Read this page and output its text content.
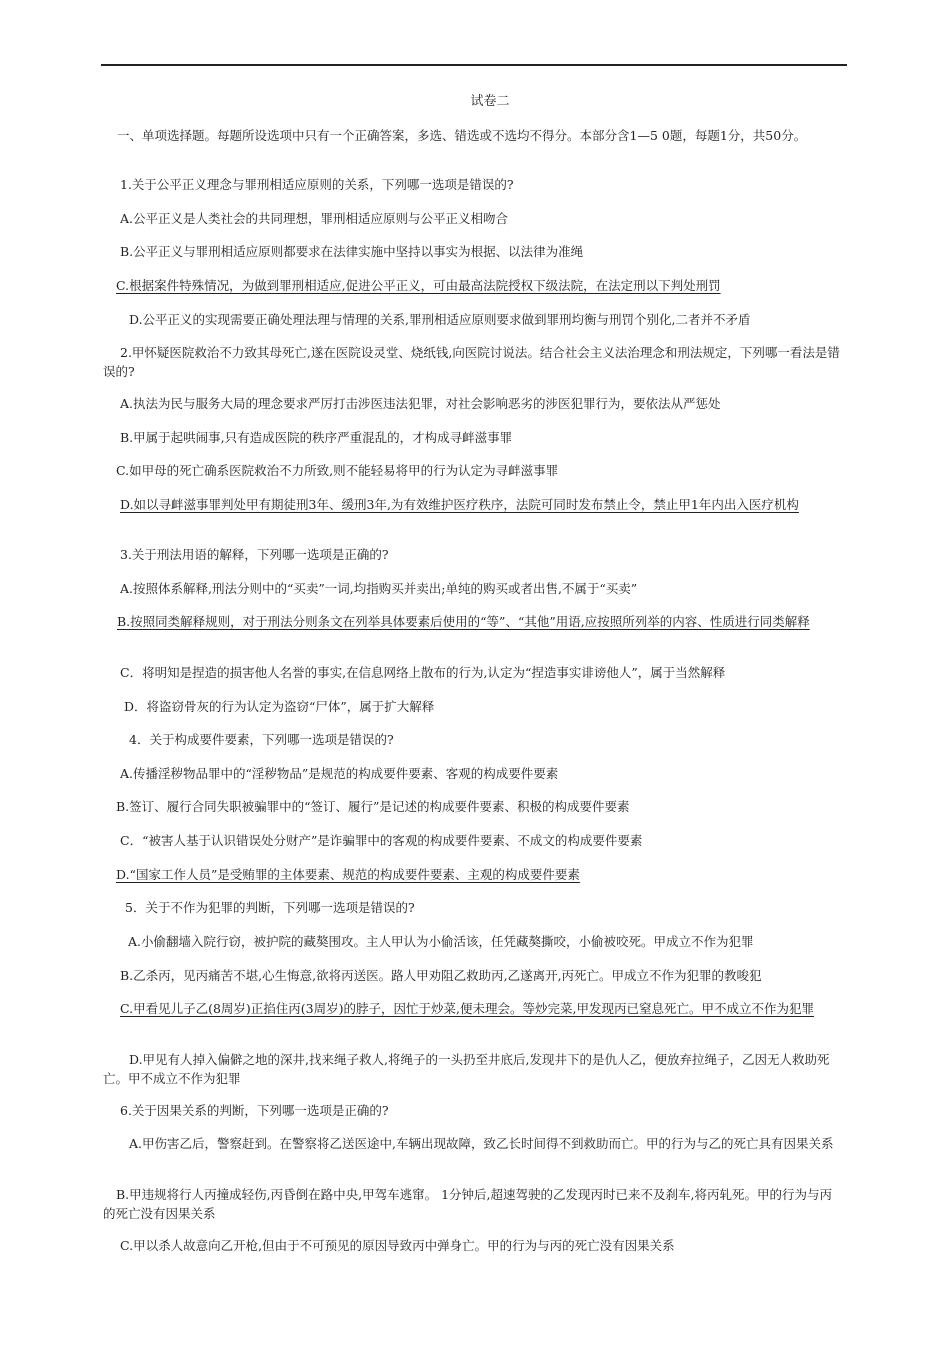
试卷二
一、单项选择题。每题所设选项中只有一个正确答案，多选、错选或不选均不得分。本部分含1—5 0题，每题1分，共50分。
1.关于公平正义理念与罪刑相适应原则的关系，下列哪一选项是错误的?
A.公平正义是人类社会的共同理想，罪刑相适应原则与公平正义相吻合
B.公平正义与罪刑相适应原则都要求在法律实施中坚持以事实为根据、以法律为准绳
C.根据案件特殊情况，为做到罪刑相适应,促进公平正义，可由最高法院授权下级法院，在法定刑以下判处刑罚
D.公平正义的实现需要正确处理法理与情理的关系,罪刑相适应原则要求做到罪刑均衡与刑罚个别化,二者并不矛盾
2.甲怀疑医院救治不力致其母死亡,遂在医院设灵堂、烧纸钱,向医院讨说法。结合社会主义法治理念和刑法规定，下列哪一看法是错误的?
A.执法为民与服务大局的理念要求严厉打击涉医违法犯罪，对社会影响恶劣的涉医犯罪行为，要依法从严惩处
B.甲属于起哄闹事,只有造成医院的秩序严重混乱的，才构成寻衅滋事罪
C.如甲母的死亡确系医院救治不力所致,则不能轻易将甲的行为认定为寻衅滋事罪
D.如以寻衅滋事罪判处甲有期徒刑3年、缓刑3年,为有效维护医疗秩序，法院可同时发布禁止令，禁止甲1年内出入医疗机构
3.关于刑法用语的解释，下列哪一选项是正确的?
A.按照体系解释,刑法分则中的“买卖”一词,均指购买并卖出;单纯的购买或者出售,不属于“买卖”
B.按照同类解释规则，对于刑法分则条文在列举具体要素后使用的“等”、“其他”用语,应按照所列举的内容、性质进行同类解释
C．将明知是捏造的损害他人名誉的事实,在信息网络上散布的行为,认定为“捏造事实诽谤他人”，属于当然解释
D．将盗窃骨灰的行为认定为盗窃“尸体”，属于扩大解释
4．关于构成要件要素，下列哪一选项是错误的?
A.传播淫秽物品罪中的“淫秽物品”是规范的构成要件要素、客观的构成要件要素
B.签订、履行合同失职被骗罪中的“签订、履行”是记述的构成要件要素、积极的构成要件要素
C．“被害人基于认识错误处分财产”是诈骗罪中的客观的构成要件要素、不成文的构成要件要素
D.“国家工作人员”是受贿罪的主体要素、规范的构成要件要素、主观的构成要件要素
5．关于不作为犯罪的判断，下列哪一选项是错误的?
A.小偷翻墙入院行窃，被护院的藏獒围攻。主人甲认为小偷活该，任凭藏獒撕咬，小偷被咬死。甲成立不作为犯罪
B.乙杀丙，见丙痛苦不堪,心生悔意,欲将丙送医。路人甲劝阻乙救助丙,乙遂离开,丙死亡。甲成立不作为犯罪的教唆犯
C.甲看见儿子乙(8周岁)正掐住丙(3周岁)的脖子，因忙于炒菜,便未理会。等炒完菜,甲发现丙已窒息死亡。甲不成立不作为犯罪
D.甲见有人掉入偏僻之地的深井,找来绳子救人,将绳子的一头扔至井底后,发现井下的是仇人乙，便放弃拉绳子，乙因无人救助死亡。甲不成立不作为犯罪
6.关于因果关系的判断，下列哪一选项是正确的?
A.甲伤害乙后，警察赶到。在警察将乙送医途中,车辆出现故障，致乙长时间得不到救助而亡。甲的行为与乙的死亡具有因果关系
B.甲违规将行人丙撞成轻伤,丙昏倒在路中央,甲驾车逃窜。 1分钟后,超速驾驶的乙发现丙时已来不及刹车,将丙轧死。甲的行为与丙的死亡没有因果关系
C.甲以杀人故意向乙开枪,但由于不可预见的原因导致丙中弹身亡。甲的行为与丙的死亡没有因果关系
